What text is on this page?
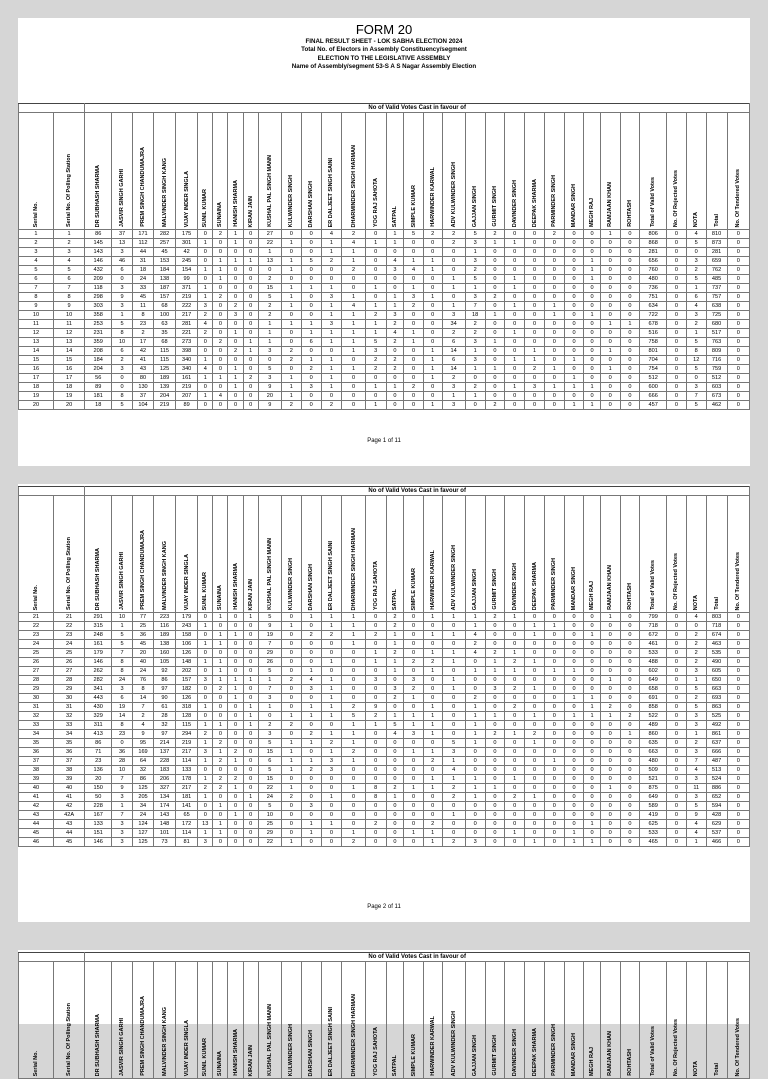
FORM 20
FINAL RESULT SHEET - LOK SABHA ELECTION 2024
Total No. of Electors in Assembly Constituency/segment
ELECTION TO THE LEGISLATIVE ASSEMBLY
Name of Assembly/segment 53-S A S Nagar Assembly Election
		No of Valid Votes Cast in favour of																																
Serial No.	Serial No. Of Polling Station	DR SUBHASH SHARMA	JASVIR SINGH GARHI	PREM SINGH CHANDUMAJRA	MALVINDER SINGH KANG	VIJAY INDER SINGLA	SUNIL KUMAR	SUNAINA	HANISH SHARMA	KIRAN JAIN	KUSHAL PAL SINGH MANN	KULWINDER SINGH	DARSHAN SINGH	ER DALJEET SINGH SAINI	DHARMINDER SINGH HARMAN	YOG RAJ SAHOTA	SATPAL	SIMPLE KUMAR	HARWINDER KARWAL	ADV KULWINDER SINGH	GAJJAN SINGH	GURMIT SINGH	DAVINDER SINGH	DEEPAK SHARMA	PARMINDER SINGH	MANDAR SINGH	MEGH RAJ	RAMJAAN KHAN	ROHTASH	Total of Valid Votes	No. Of Rejected Votes	NOTA	Total	No. Of Tendered Votes
1	1	86	37	171	282	175	0	2	1	0	27	0	0	4	2	0	1	5	2	2	5	2	0	0	2	0	0	1	0	806	0	4	810	0
2	2	145	13	112	257	301	1	0	1	0	22	1	0	1	4	1	1	0	0	2	3	1	1	0	0	0	0	0	0	868	0	5	873	0
3	3	143	3	44	45	42	0	0	0	0	1	0	0	1	1	0	0	0	0	0	1	0	0	0	0	0	0	0	0	281	0	0	281	0
4	4	146	46	31	153	245	0	1	1	1	13	1	5	2	1	0	4	1	1	0	3	0	0	0	0	0	1	0	0	656	0	3	659	0
5	5	432	6	18	184	154	1	1	0	0	0	1	0	0	2	0	3	4	1	0	2	0	0	0	0	0	1	0	0	760	0	2	762	0
6	6	209	0	24	138	99	0	1	0	0	2	0	0	0	0	0	0	0	0	1	5	0	1	0	0	0	1	0	0	480	0	5	485	0
7	7	118	3	33	187	371	1	0	0	0	15	1	1	1	0	1	0	1	0	1	1	0	1	0	0	0	0	0	0	736	0	1	737	0
8	8	298	9	45	157	219	1	2	0	0	5	1	0	3	1	0	1	3	1	0	3	2	0	0	0	0	0	0	0	751	0	6	757	0
9	9	303	3	11	68	222	3	0	2	0	2	1	0	1	4	1	1	2	0	1	7	0	1	0	1	0	0	0	0	634	0	4	638	0
10	10	358	1	8	100	217	2	0	3	0	2	0	0	1	1	2	3	0	0	3	18	1	0	0	1	0	1	0	0	722	0	3	725	0
11	11	253	5	23	63	281	4	0	0	0	1	1	1	3	1	1	2	0	0	34	2	0	0	0	0	0	0	1	1	678	0	2	680	0
12	12	231	8	2	35	221	2	0	1	0	1	0	1	1	1	1	4	1	0	2	2	0	1	0	0	0	0	0	0	516	0	1	517	0
13	13	359	10	17	68	273	0	2	0	1	1	0	6	1	1	5	2	1	0	6	3	1	0	0	0	0	0	0	0	758	0	5	763	0
14	14	208	6	42	115	398	0	0	2	1	3	2	0	0	1	3	0	0	1	14	1	0	0	1	0	0	0	1	0	801	0	8	809	0
15	15	184	2	41	115	340	1	0	0	0	0	2	1	1	0	2	2	0	1	6	3	0	1	1	0	1	0	0	0	704	0	12	716	0
16	16	204	3	43	125	340	4	0	1	0	5	0	2	1	1	2	2	0	1	14	1	1	0	2	1	0	0	1	0	754	0	5	759	0
17	17	56	0	80	189	161	1	1	1	2	3	1	0	1	0	0	0	0	1	2	0	0	0	0	0	1	0	0	0	512	0	0	512	0
18	18	89	0	130	139	219	0	0	1	0	9	1	3	1	0	1	1	2	0	3	2	0	1	3	1	1	1	0	0	600	0	3	603	0
19	19	181	8	37	204	207	1	4	0	0	20	1	0	0	0	0	0	0	0	1	1	0	0	0	0	0	0	0	0	666	0	7	673	0
20	20	18	5	104	219	89	0	0	0	0	9	2	0	2	0	1	0	0	1	3	0	2	0	0	0	1	1	0	0	457	0	5	462	0
Page 1 of 11
		No of Valid Votes Cast in favour of																																
Serial No.	Serial No. Of Polling Station	DR SUBHASH SHARMA	JASVIR SINGH GARHI	PREM SINGH CHANDUMAJRA	MALVINDER SINGH KANG	VIJAY INDER SINGLA	SUNIL KUMAR	SUNAINA	HANISH SHARMA	KIRAN JAIN	KUSHAL PAL SINGH MANN	KULWINDER SINGH	DARSHAN SINGH	ER DALJEET SINGH SAINI	DHARMINDER SINGH HARMAN	YOG RAJ SAHOTA	SATPAL	SIMPLE KUMAR	HARWINDER KARWAL	ADV KULWINDER SINGH	GAJJAN SINGH	GURMIT SINGH	DAVINDER SINGH	DEEPAK SHARMA	PARMINDER SINGH	MANDAR SINGH	MEGH RAJ	RAMJAAN KHAN	ROHTASH	Total of Valid Votes	No. Of Rejected Votes	NOTA	Total	No. Of Tendered Votes
21	21	291	10	77	223	179	0	1	0	1	5	0	1	1	1	0	2	0	1	1	1	2	1	0	0	0	0	1	0	799	0	4	803	0
22	22	315	1	25	116	243	1	0	0	0	9	1	0	1	1	0	2	0	0	0	1	0	0	1	1	0	0	0	0	718	0	0	718	0
23	23	248	5	36	189	158	0	1	1	0	19	0	2	2	1	2	1	0	1	1	4	0	0	1	0	0	1	0	0	672	0	2	674	0
24	24	161	5	45	138	106	1	1	0	0	7	0	0	0	1	0	1	0	0	0	2	0	0	0	0	0	0	0	0	461	0	2	463	0
25	25	179	7	20	160	126	0	0	0	0	29	0	0	0	0	1	2	0	1	1	4	2	1	0	0	0	0	0	0	533	0	2	535	0
26	26	146	8	40	105	148	1	1	0	0	26	0	0	1	0	1	1	2	2	1	0	1	2	1	0	0	0	0	0	488	0	2	490	0
27	27	262	8	24	92	202	0	1	0	0	5	0	1	0	0	0	1	0	1	0	1	1	1	0	1	1	0	0	0	602	0	3	605	0
28	28	282	24	76	86	157	3	1	1	1	1	2	4	1	0	3	0	3	0	1	0	0	0	0	0	0	0	1	0	649	0	1	650	0
29	29	341	3	8	97	182	0	2	1	0	7	0	3	1	0	0	3	2	0	1	0	3	2	1	0	0	0	0	0	658	0	5	663	0
30	30	443	6	14	90	126	0	0	1	0	3	0	0	1	0	0	2	1	0	0	2	0	0	0	0	1	1	0	0	691	0	2	693	0
31	31	430	19	7	61	318	1	0	0	1	1	0	1	1	2	9	0	0	1	0	1	0	2	0	0	0	1	2	0	858	0	5	863	0
32	32	329	14	2	28	128	0	0	0	1	0	1	1	1	5	2	1	1	1	0	1	1	0	1	0	1	1	1	2	522	0	3	525	0
33	33	311	8	4	32	115	1	1	0	1	2	2	0	0	1	1	5	1	1	0	1	0	0	0	0	0	0	0	0	489	0	3	492	0
34	34	413	23	9	97	294	2	0	0	0	3	0	2	1	1	0	4	3	1	0	1	2	1	2	0	0	0	0	1	860	0	1	861	0
35	35	86	0	95	214	219	1	2	0	0	5	1	1	2	1	0	0	0	0	5	1	0	0	1	0	0	0	0	0	635	0	2	637	0
36	36	71	36	169	137	217	3	1	2	0	15	1	0	1	2	0	0	1	1	3	0	0	0	0	0	0	0	0	0	663	0	3	666	0
37	37	23	28	64	228	114	1	2	1	0	6	1	1	3	1	0	0	0	2	1	0	0	0	0	1	0	0	0	0	480	0	7	487	0
38	38	136	10	32	183	133	0	0	0	0	5	1	2	3	0	0	0	0	0	4	0	0	0	0	0	0	0	0	0	509	0	4	513	0
39	39	20	7	86	206	178	1	2	2	0	15	0	0	0	0	0	0	0	1	1	1	0	1	0	0	0	0	0	0	521	0	3	524	0
40	40	150	9	125	327	217	2	2	1	0	22	1	0	0	1	8	2	1	1	2	1	1	0	0	0	0	0	1	0	875	0	11	886	0
41	41	50	3	205	134	181	1	0	0	1	24	2	0	1	0	8	1	0	0	2	1	0	2	1	0	0	0	0	0	649	0	3	652	0
42	42	228	1	34	174	141	0	1	0	0	5	0	3	0	0	0	0	0	0	0	0	0	0	0	0	0	0	0	0	589	0	5	594	0
43	42A	167	7	24	143	65	0	0	1	0	10	0	0	0	0	0	0	0	0	1	0	0	0	0	0	0	0	0	0	419	0	9	428	0
44	43	133	3	124	148	172	13	1	0	0	25	0	1	1	0	2	0	0	2	0	0	0	0	0	0	0	1	0	0	625	0	4	629	0
45	44	151	3	127	101	114	1	1	0	0	29	0	1	0	1	0	0	1	1	0	0	0	1	0	0	1	0	0	0	533	0	4	537	0
46	45	146	3	125	73	81	3	0	0	0	22	1	0	0	2	0	0	0	1	2	3	0	0	1	0	1	1	0	0	465	0	1	466	0
Page 2 of 11
		No of Valid Votes Cast in favour of																																
Serial No.	Serial No. Of Polling Station	DR SUBHASH SHARMA	JASVIR SINGH GARHI	PREM SINGH CHANDUMAJRA	MALVINDER SINGH KANG	VIJAY INDER SINGLA	SUNIL KUMAR	SUNAINA	HANISH SHARMA	KIRAN JAIN	KUSHAL PAL SINGH MANN	KULWINDER SINGH	DARSHAN SINGH	ER DALJEET SINGH SAINI	DHARMINDER SINGH HARMAN	YOG RAJ SAHOTA	SATPAL	SIMPLE KUMAR	HARWINDER KARWAL	ADV KULWINDER SINGH	GAJJAN SINGH	GURMIT SINGH	DAVINDER SINGH	DEEPAK SHARMA	PARMINDER SINGH	MANDAR SINGH	MEGH RAJ	RAMJAAN KHAN	ROHTASH	Total of Valid Votes	No. Of Rejected Votes	NOTA	Total	No. Of Tendered Votes
